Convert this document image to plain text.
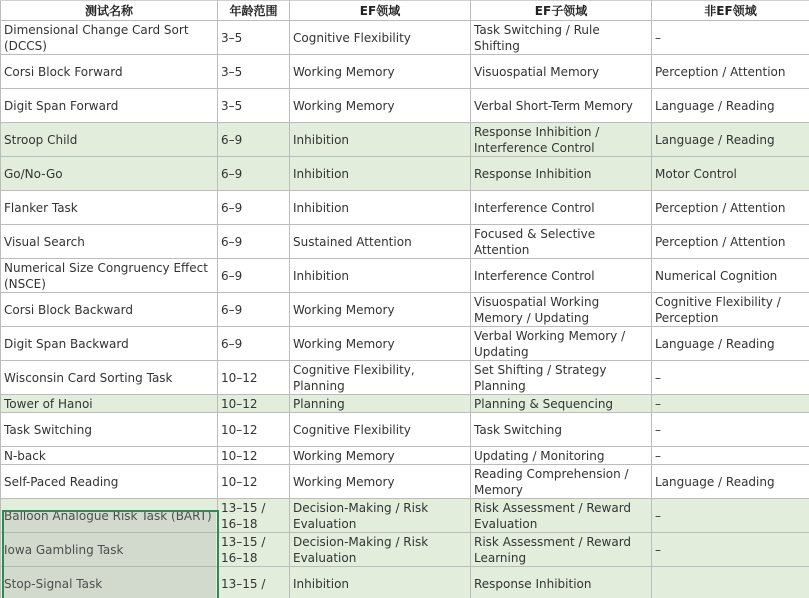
测试名称	年龄范围	EF领域	EF子领域	非EF领域
Dimensional Change Card Sort (DCCS)	3–5	Cognitive Flexibility	Task Switching / Rule Shifting	–
Corsi Block Forward	3–5	Working Memory	Visuospatial Memory	Perception / Attention
Digit Span Forward	3–5	Working Memory	Verbal Short-Term Memory	Language / Reading
Stroop Child	6–9	Inhibition	Response Inhibition / Interference Control	Language / Reading
Go/No-Go	6–9	Inhibition	Response Inhibition	Motor Control
Flanker Task	6–9	Inhibition	Interference Control	Perception / Attention
Visual Search	6–9	Sustained Attention	Focused & Selective Attention	Perception / Attention
Numerical Size Congruency Effect (NSCE)	6–9	Inhibition	Interference Control	Numerical Cognition
Corsi Block Backward	6–9	Working Memory	Visuospatial Working Memory / Updating	Cognitive Flexibility / Perception
Digit Span Backward	6–9	Working Memory	Verbal Working Memory / Updating	Language / Reading
Wisconsin Card Sorting Task	10–12	Cognitive Flexibility, Planning	Set Shifting / Strategy Planning	–
Tower of Hanoi	10–12	Planning	Planning & Sequencing	–
Task Switching	10–12	Cognitive Flexibility	Task Switching	–
N-back	10–12	Working Memory	Updating / Monitoring	–
Self-Paced Reading	10–12	Working Memory	Reading Comprehension / Memory	Language / Reading
Balloon Analogue Risk Task (BART)	13–15 / 16–18	Decision-Making / Risk Evaluation	Risk Assessment / Reward Evaluation	–
Iowa Gambling Task	13–15 / 16–18	Decision-Making / Risk Evaluation	Risk Assessment / Reward Learning	–
Stop-Signal Task	13–15 /	Inhibition	Response Inhibition	
